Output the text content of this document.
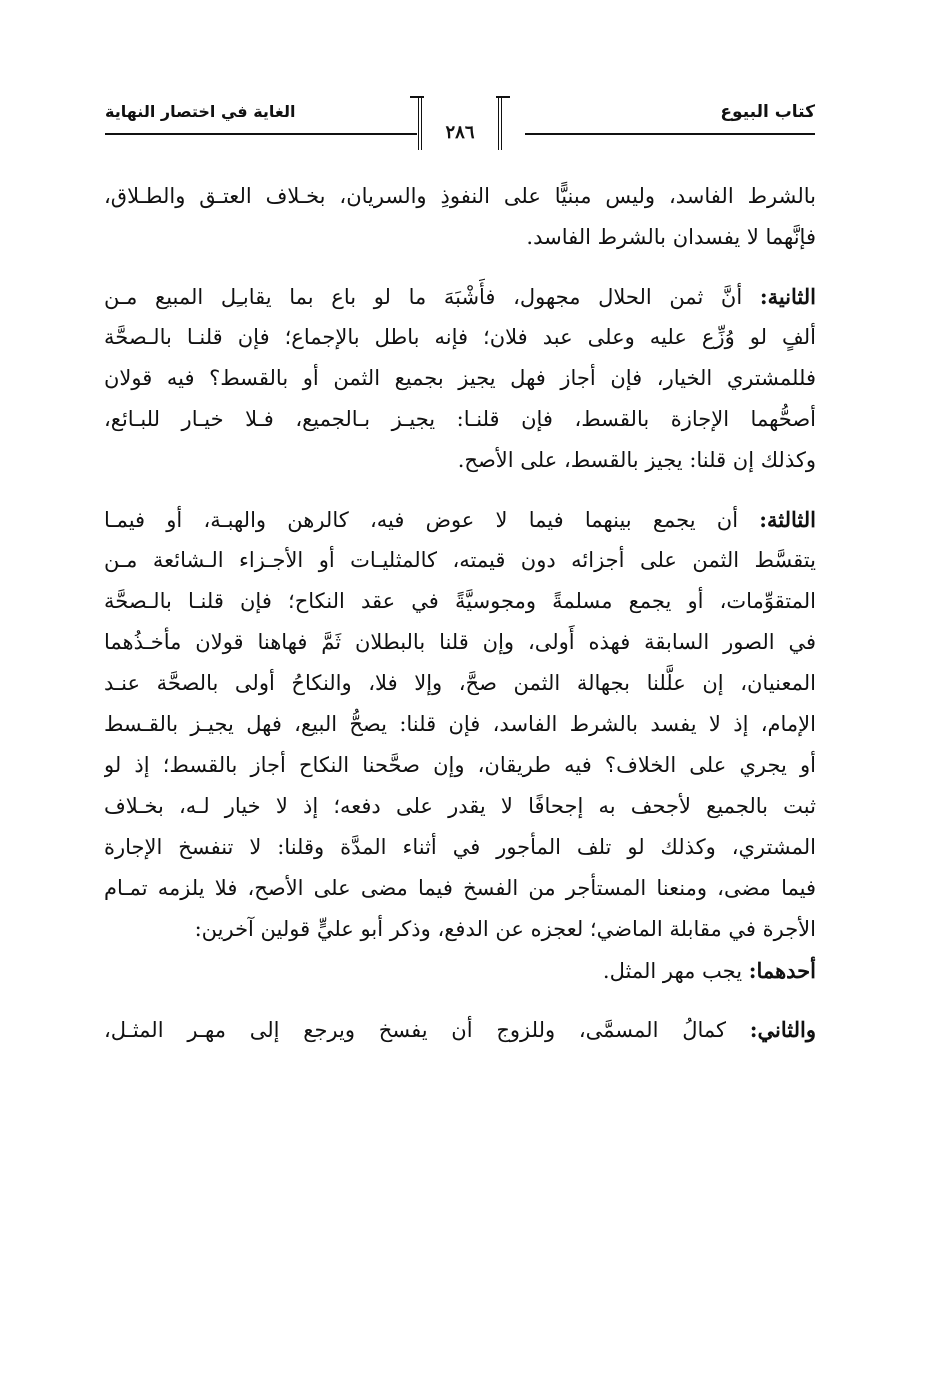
كتاب البيوع
٢٨٦
الغاية في اختصار النهاية
بالشرط الفاسد، وليس مبنيًّا على النفوذِ والسريان، بخـلاف العتـق والطـلاق،
فإنَّهما لا يفسدان بالشرط الفاسد.
الثانية: أنَّ ثمن الحلال مجهول، فأَشْبَهَ ما لو باع بما يقابـِل المبيع مـن
ألفٍ لو وُزِّع عليه وعلى عبد فلان؛ فإنه باطل بالإجماع؛ فإن قلنـا بالـصحَّة
فللمشتري الخيار، فإن أجاز فهل يجيز بجميع الثمن أو بالقسط؟ فيه قولان
أصحُّهما الإجازة بالقسط، فإن قلنـا: يجيـز بـالجميع، فـلا خيـار للبـائع،
وكذلك إن قلنا: يجيز بالقسط، على الأصح.
الثالثة: أن يجمع بينهما فيما لا عوض فيه، كالرهن والهبـة، أو فيمـا
يتقسَّط الثمن على أجزائه دون قيمته، كالمثليـات أو الأجـزاء الـشائعة مـن
المتقوِّمات، أو يجمع مسلمةً ومجوسيَّةً في عقد النكاح؛ فإن قلنـا بالـصحَّة
في الصور السابقة فهذه أَولى، وإن قلنا بالبطلان ثَمَّ فهاهنا قولان مأخـذُهما
المعنيان، إن علَّلنا بجهالة الثمن صحَّ، وإلا فلا، والنكاحُ أولى بالصحَّة عنـد
الإمام، إذ لا يفسد بالشرط الفاسد، فإن قلنا: يصحُّ البيع، فهل يجيـز بالقـسط
أو يجري على الخلاف؟ فيه طريقان، وإن صحَّحنا النكاح أجاز بالقسط؛ إذ لو
ثبت بالجميع لأجحف به إجحافًا لا يقدر على دفعه؛ إذ لا خيار لـه، بخـلاف
المشتري، وكذلك لو تلف المأجور في أثناء المدَّة وقلنا: لا تنفسخ الإجارة
فيما مضى، ومنعنا المستأجر من الفسخ فيما مضى على الأصح، فلا يلزمه تمـام
الأجرة في مقابلة الماضي؛ لعجزه عن الدفع، وذكر أبو عليٍّ قولين آخرين:
أحدهما: يجب مهر المثل.
والثاني: كمالُ المسمَّى، وللزوج أن يفسخ ويرجع إلى مهـر المثـل،
